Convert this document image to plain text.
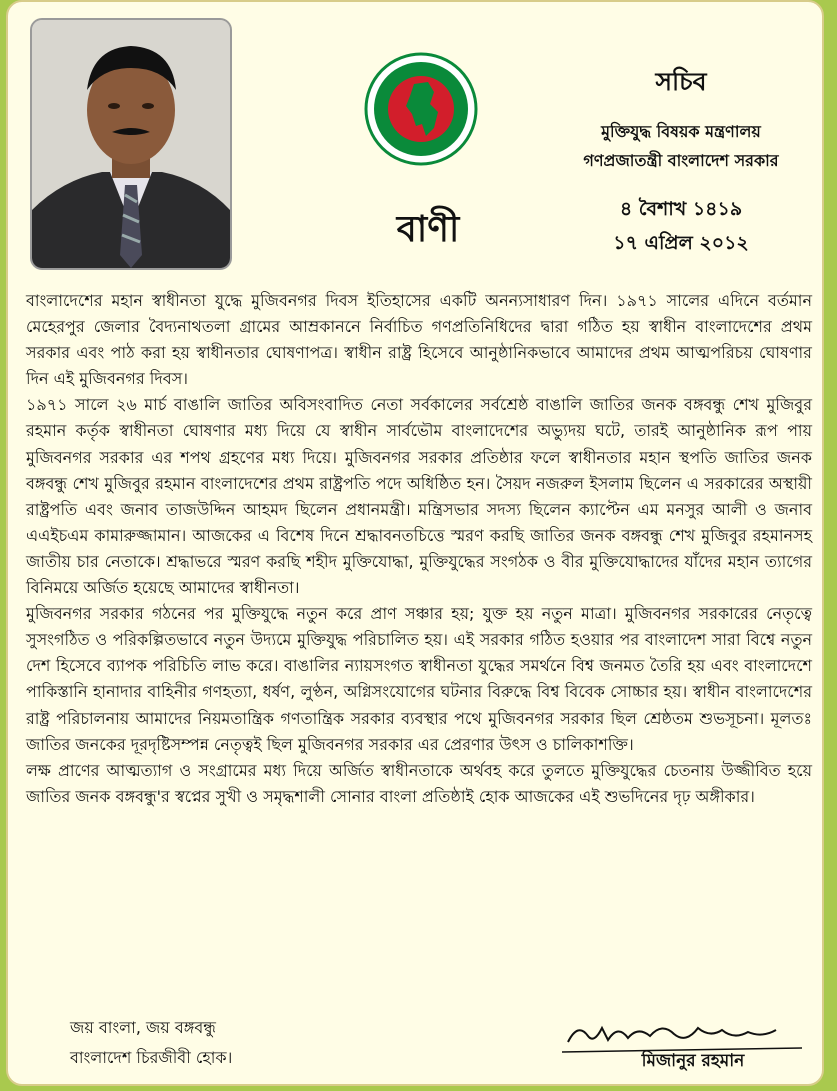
বাণী
সচিব
মুক্তিযুদ্ধ বিষয়ক মন্ত্রণালয়
গণপ্রজাতন্ত্রী বাংলাদেশ সরকার
৪ বৈশাখ ১৪১৯
১৭ এপ্রিল ২০১২

বাংলাদেশের মহান স্বাধীনতা যুদ্ধে মুজিবনগর দিবস ইতিহাসের একটি অনন্যসাধারণ দিন। ১৯৭১ সালের এদিনে বর্তমান মেহেরপুর জেলার বৈদ্যনাথতলা গ্রামের আম্রকাননে নির্বাচিত গণপ্রতিনিধিদের দ্বারা গঠিত হয় স্বাধীন বাংলাদেশের প্রথম সরকার এবং পাঠ করা হয় স্বাধীনতার ঘোষণাপত্র। স্বাধীন রাষ্ট্র হিসেবে আনুষ্ঠানিকভাবে আমাদের প্রথম আত্মপরিচয় ঘোষণার দিন এই মুজিবনগর দিবস।

১৯৭১ সালে ২৬ মার্চ বাঙালি জাতির অবিসংবাদিত নেতা সর্বকালের সর্বশ্রেষ্ঠ বাঙালি জাতির জনক বঙ্গবন্ধু শেখ মুজিবুর রহমান কর্তৃক স্বাধীনতা ঘোষণার মধ্য দিয়ে যে স্বাধীন সার্বভৌম বাংলাদেশের অভ্যুদয় ঘটে, তারই আনুষ্ঠানিক রূপ পায় মুজিবনগর সরকার এর শপথ গ্রহণের মধ্য দিয়ে। মুজিবনগর সরকার প্রতিষ্ঠার ফলে স্বাধীনতার মহান স্থপতি জাতির জনক বঙ্গবন্ধু শেখ মুজিবুর রহমান বাংলাদেশের প্রথম রাষ্ট্রপতি পদে অধিষ্ঠিত হন। সৈয়দ নজরুল ইসলাম ছিলেন এ সরকারের অস্থায়ী রাষ্ট্রপতি এবং জনাব তাজউদ্দিন আহমদ ছিলেন প্রধানমন্ত্রী। মন্ত্রিসভার সদস্য ছিলেন ক্যাপ্টেন এম মনসুর আলী ও জনাব এএইচএম কামারুজ্জামান। আজকের এ বিশেষ দিনে শ্রদ্ধাবনতচিত্তে স্মরণ করছি জাতির জনক বঙ্গবন্ধু শেখ মুজিবুর রহমানসহ জাতীয় চার নেতাকে। শ্রদ্ধাভরে স্মরণ করছি শহীদ মুক্তিযোদ্ধা, মুক্তিযুদ্ধের সংগঠক ও বীর মুক্তিযোদ্ধাদের যাঁদের মহান ত্যাগের বিনিময়ে অর্জিত হয়েছে আমাদের স্বাধীনতা।

মুজিবনগর সরকার গঠনের পর মুক্তিযুদ্ধে নতুন করে প্রাণ সঞ্চার হয়; যুক্ত হয় নতুন মাত্রা। মুজিবনগর সরকারের নেতৃত্বে সুসংগঠিত ও পরিকল্পিতভাবে নতুন উদ্যমে মুক্তিযুদ্ধ পরিচালিত হয়। এই সরকার গঠিত হওয়ার পর বাংলাদেশ সারা বিশ্বে নতুন দেশ হিসেবে ব্যাপক পরিচিতি লাভ করে। বাঙালির ন্যায়সংগত স্বাধীনতা যুদ্ধের সমর্থনে বিশ্ব জনমত তৈরি হয় এবং বাংলাদেশে পাকিস্তানি হানাদার বাহিনীর গণহত্যা, ধর্ষণ, লুণ্ঠন, অগ্নিসংযোগের ঘটনার বিরুদ্ধে বিশ্ব বিবেক সোচ্চার হয়। স্বাধীন বাংলাদেশের রাষ্ট্র পরিচালনায় আমাদের নিয়মতান্ত্রিক গণতান্ত্রিক সরকার ব্যবস্থার পথে মুজিবনগর সরকার ছিল শ্রেষ্ঠতম শুভসূচনা। মূলতঃ জাতির জনকের দূরদৃষ্টিসম্পন্ন নেতৃত্বই ছিল মুজিবনগর সরকার এর প্রেরণার উৎস ও চালিকাশক্তি।

লক্ষ প্রাণের আত্মত্যাগ ও সংগ্রামের মধ্য দিয়ে অর্জিত স্বাধীনতাকে অর্থবহ করে তুলতে মুক্তিযুদ্ধের চেতনায় উজ্জীবিত হয়ে জাতির জনক বঙ্গবন্ধু'র স্বপ্নের সুখী ও সমৃদ্ধশালী সোনার বাংলা প্রতিষ্ঠাই হোক আজকের এই শুভদিনের দৃঢ় অঙ্গীকার।

জয় বাংলা, জয় বঙ্গবন্ধু
বাংলাদেশ চিরজীবী হোক।	মিজানুর রহমান
